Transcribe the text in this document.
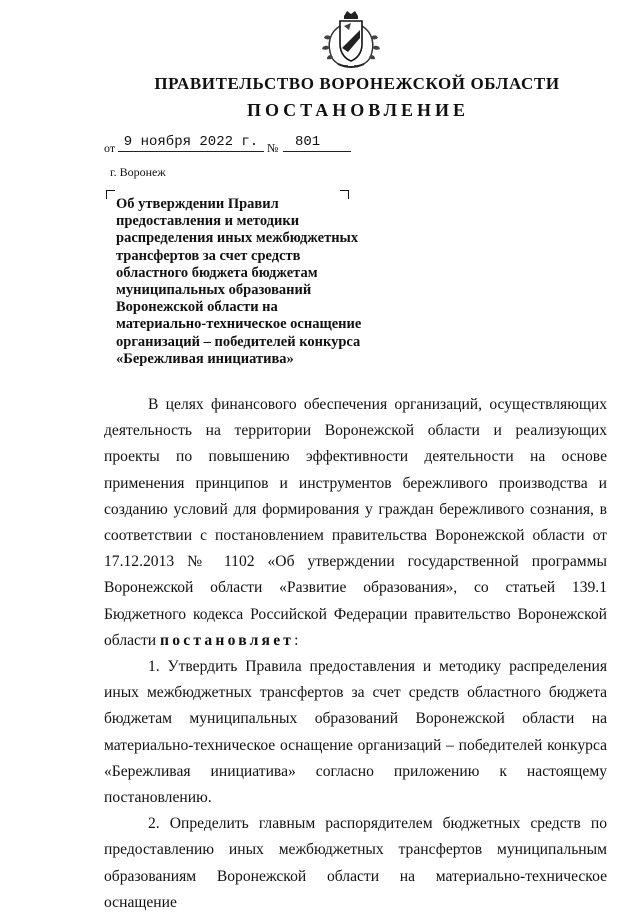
ПРАВИТЕЛЬСТВО ВОРОНЕЖСКОЙ ОБЛАСТИ
ПОСТАНОВЛЕНИЕ
от 9 ноября 2022 г. №	801
г. Воронеж
Об утверждении Правил
предоставления и методики
распределения иных межбюджетных
трансфертов за счет средств
областного бюджета бюджетам
муниципальных образований
Воронежской области на
материально-техническое оснащение
организаций – победителей конкурса
«Бережливая инициатива»

В целях финансового обеспечения организаций, осуществляющих деятельность на территории Воронежской области и реализующих проекты по повышению эффективности деятельности на основе применения принципов и инструментов бережливого производства и созданию условий для формирования у граждан бережливого сознания, в соответствии с постановлением правительства Воронежской области от 17.12.2013 № 1102 «Об утверждении государственной программы Воронежской области «Развитие образования», со статьей 139.1 Бюджетного кодекса Российской Федерации правительство Воронежской области постановляет:

1. Утвердить Правила предоставления и методику распределения иных межбюджетных трансфертов за счет средств областного бюджета бюджетам муниципальных образований Воронежской области на материально-техническое оснащение организаций – победителей конкурса «Бережливая инициатива» согласно приложению к настоящему постановлению.

2. Определить главным распорядителем бюджетных средств по предоставлению иных межбюджетных трансфертов муниципальным образованиям Воронежской области на материально-техническое оснащение
